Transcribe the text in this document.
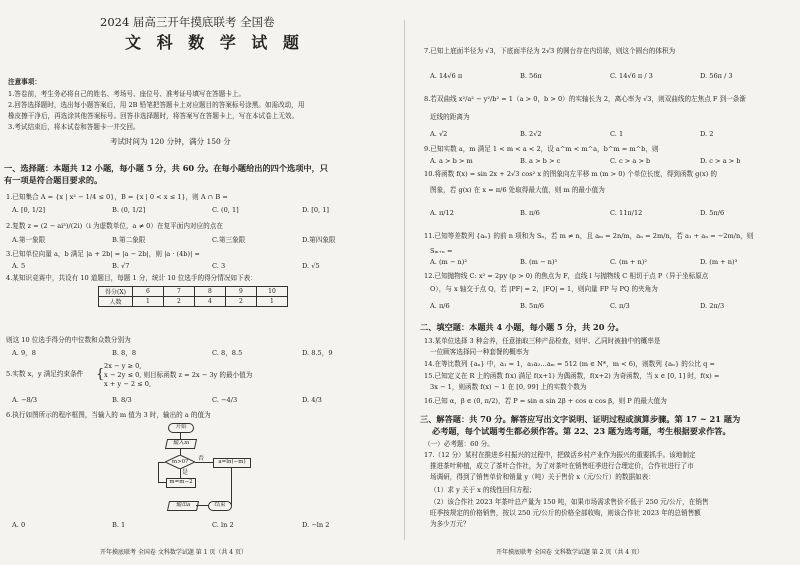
2024 届高三开年摸底联考 全国卷
文 科 数 学 试 题
注意事项：
1.答卷前，考生务必将自己的姓名、考场号、座位号、准考证号填写在答题卡上。
2.回答选择题时，选出每小题答案后，用 2B 铅笔把答题卡上对应题目的答案标号涂黑。如需改动，用
橡皮擦干净后，再选涂其他答案标号。回答非选择题时，将答案写在答题卡上，写在本试卷上无效。
3.考试结束后，将本试卷和答题卡一并交回。
考试时间为 120 分钟，满分 150 分
一、选择题：本题共 12 小题，每小题 5 分，共 60 分。在每小题给出的四个选项中，只
有一项是符合题目要求的。
1.已知集合 A = {x | x² − 1/4 ≤ 0}，B = {x | 0 < x ≤ 1}，则 A ∩ B =
A. [0, 1/2]	B. (0, 1/2]	C. (0, 1]	D. [0, 1]
2.复数 z = (2 − ai³)/(2i)（i 为虚数单位，a ≠ 0）在复平面内对应的点在
A.第一象限	B.第二象限	C.第三象限	D.第四象限
3.已知单位向量 a，b 满足 |a + 2b| = |a − 2b|，则 |a · (4b)| =
A. 5	B. √7	C. 3	D. √5
4.某知识竞赛中，共设有 10 道题目，每题 1 分，统计 10 位选手的得分情况如下表：
得分(X)	6	7	8	9	10
人数	1	2	4	2	1
则这 10 位选手得分的中位数和众数分别为
A. 9，8	B. 8，8	C. 8，8.5	D. 8.5，9
5.实数 x，y 满足约束条件 {
2x − y ≥ 0,
x − 2y ≤ 0, 则目标函数 z = 2x − 3y 的最小值为
x + y − 2 ≤ 0,
A. −8/3	B. 8/3	C. −4/3	D. 4/3
6.执行如图所示的程序框图，当输入的 m 值为 3 时，输出的 a 的值为
开始
输入m
m>0?	否	a=ln(−m)
是
m=m−2
输出a	结束
A. 0	B. 1	C. ln 2	D. −ln 2
开年摸底联考 全国卷 文科数学试题 第 1 页（共 4 页）
7.已知上底面半径为 √3，下底面半径为 2√3 的圆台存在内切球，则这个圆台的体积为
A. 14√6 π	B. 56π	C. 14√6 π / 3	D. 56π / 3
8.若双曲线 x²/a² − y²/b² = 1（a > 0，b > 0）的实轴长为 2，离心率为 √3，则双曲线的左焦点 F 到一条渐
近线的距离为
A. √2	B. 2√2	C. 1	D. 2
9.已知实数 a，m 满足 1 < m < a < 2，设 a^m < m^a，b^m = m^b，则
A. a > b > m	B. a > b > c	C. c > a > b	D. c > a > b
10.将函数 f(x) = sin 2x + 2√3 cos² x 的图象向左平移 m (m > 0) 个单位长度，得到函数 g(x) 的
图象，若 g(x) 在 x = π/6 处取得最大值，则 m 的最小值为
A. π/12	B. π/6	C. 11π/12	D. 5π/6
11.已知等差数列 {aₙ} 的前 n 项和为 Sₙ，若 m ≠ n，且 aₘ = 2n/m，aₙ = 2m/n，若 a₁ + aₙ = −2m/n，则
Sₘ₊ₙ =
A. (m − n)²	B. (m − n)³	C. (m + n)²	D. (m + n)³
12.已知抛物线 C: x² = 2py (p > 0) 的焦点为 F，直线 l 与抛物线 C 相切于点 P（异于坐标原点
O），与 x 轴交于点 Q，若 |PF| = 2，|FQ| = 1，则向量 FP 与 PQ 的夹角为
A. π/6	B. 5π/6	C. π/3	D. 2π/3
二、填空题：本题共 4 小题，每小题 5 分，共 20 分。
13.某单位选择 3 种会养，任意抽取三种产品检查，则甲、乙同时被抽中的概率是
一位顾客选择同一种套餐的概率为
14.在等比数列 {aₙ} 中，a₁ = 1，a₁a₂…aₘ = 512 (m ∈ N*，m < 6)，则数列 {aₙ} 的公比 q =
15.已知定义在 R 上的函数 f(x) 满足 f(x+1) 为偶函数，f(x+2) 为奇函数，当 x ∈ [0, 1] 时，f(x) =
3x − 1，则函数 f(x) − 1 在 [0, 99] 上的实数个数为
16.已知 α，β ∈ (0, π/2)，若 P = sin α sin 2β + cos α cos β，则 P 的最大值为
三、解答题：共 70 分。解答应写出文字说明、证明过程或演算步骤。第 17 ~ 21 题为
必考题，每个试题考生都必须作答。第 22、23 题为选考题，考生根据要求作答。
（一）必考题：60 分。
17.（12 分）某村在推进乡村振兴的过程中，把做活乡村产业作为振兴的重要抓手。该地制定
推进茶叶种植，成立了茶叶合作社，为了对茶叶在销售旺季进行合理定价，合作社进行了市
场调研，得到了销售单价和销量 y（吨）关于售价 x（元/公斤）的数据如表：
（1）求 y 关于 x 的线性回归方程；
（2）该合作社 2023 年茶叶总产量为 150 吨，如果市场需求售价不低于 250 元/公斤，在销售
旺季按规定的价格销售，按以 250 元/公斤的价格全部收购，则该合作社 2023 年的总销售额
为多少万元？
开年摸底联考 全国卷 文科数学试题 第 2 页（共 4 页）
